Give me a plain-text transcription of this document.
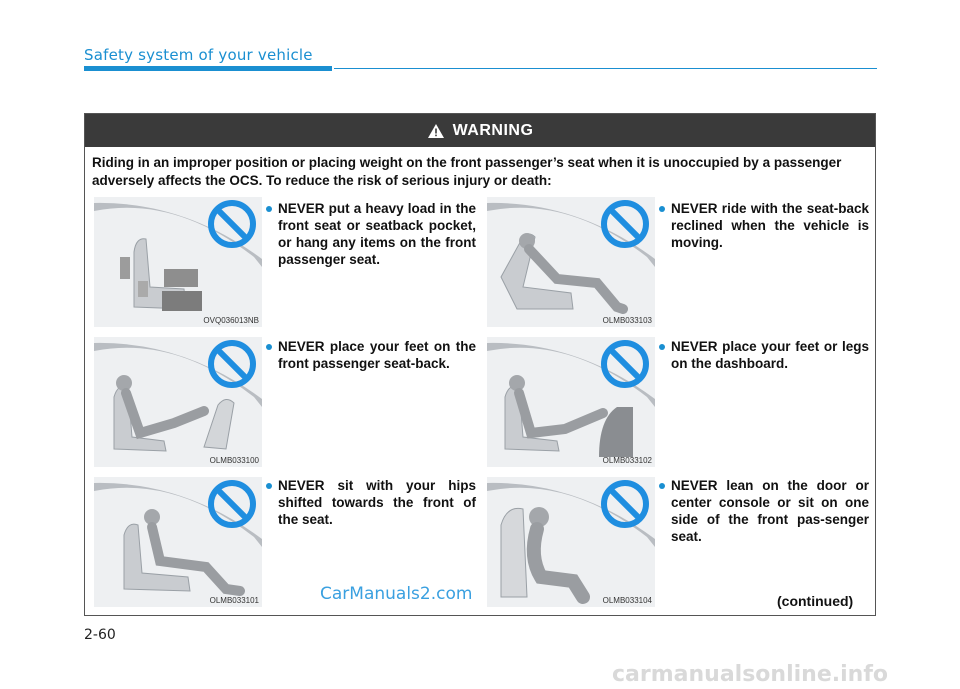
Safety system of your vehicle
WARNING
Riding in an improper position or placing weight on the front passenger’s seat when it is unoccupied by a passenger adversely affects the OCS. To reduce the risk of serious injury or death:
OVQ036013NB
NEVER put a heavy load in the front seat or seatback pocket, or hang any items on the front passenger seat.
OLMB033103
NEVER ride with the seat-back reclined when the vehicle is moving.
OLMB033100
NEVER place your feet on the front passenger seat-back.
OLMB033102
NEVER place your feet or legs on the dashboard.
OLMB033101
NEVER sit with your hips shifted towards the front of the seat.
OLMB033104
NEVER lean on the door or center console or sit on one side of the front pas-senger seat.
(continued)
CarManuals2.com
2-60
carmanualsonline.info
